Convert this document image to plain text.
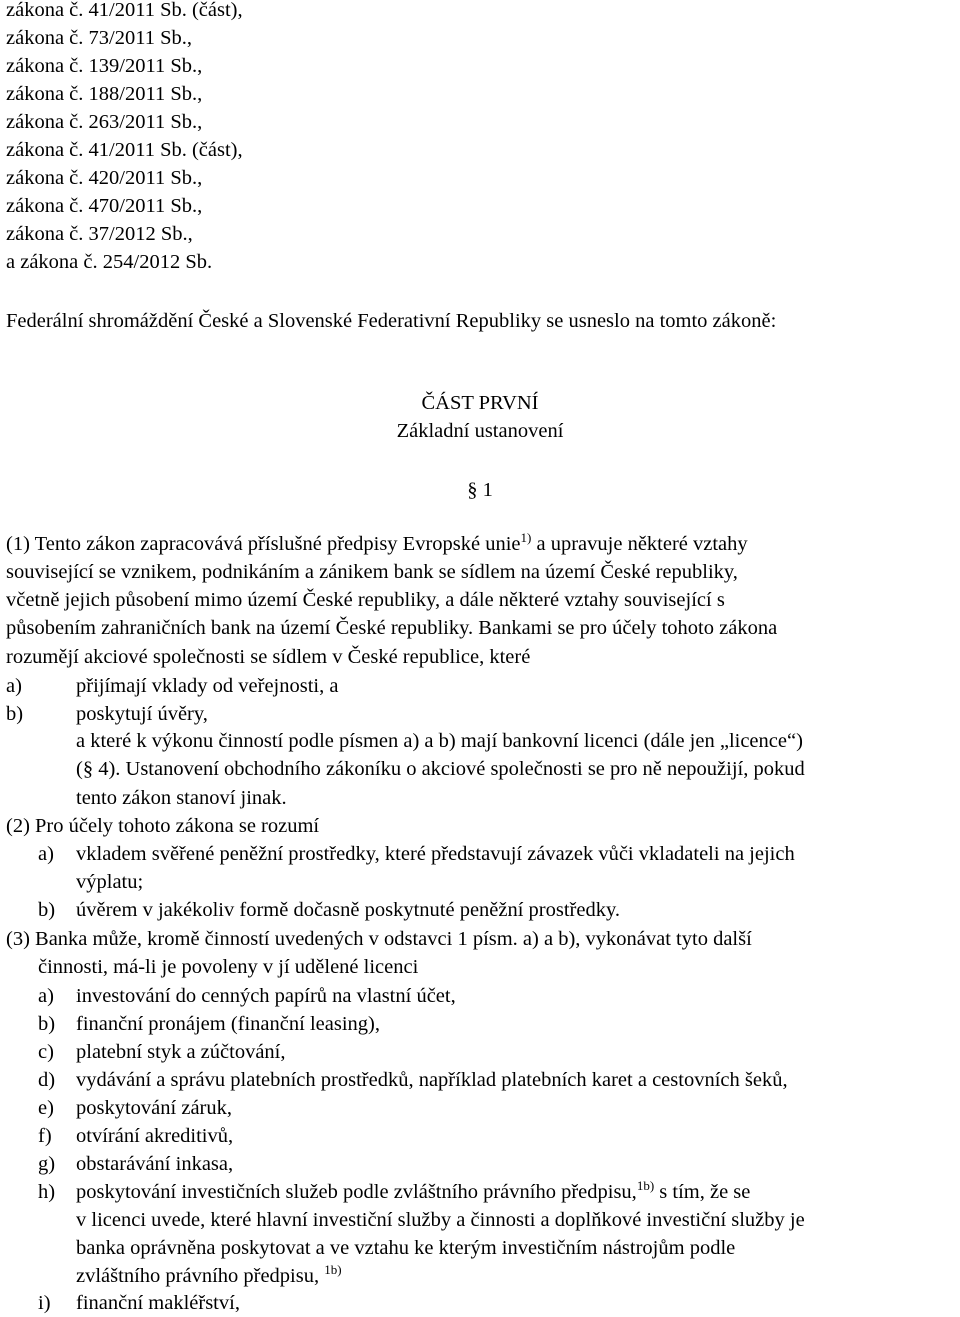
zákona č. 41/2011 Sb. (část),
zákona č. 73/2011 Sb.,
zákona č. 139/2011 Sb.,
zákona č. 188/2011 Sb.,
zákona č. 263/2011 Sb.,
zákona č. 41/2011 Sb. (část),
zákona č. 420/2011 Sb.,
zákona č. 470/2011 Sb.,
zákona č. 37/2012 Sb.,
a zákona č. 254/2012 Sb.
Federální shromáždění České a Slovenské Federativní Republiky se usneslo na tomto zákoně:
ČÁST PRVNÍ
Základní ustanovení
§ 1
(1) Tento zákon zapracovává příslušné předpisy Evropské unie$^{1)}$ a upravuje některé vztahy
související se vznikem, podnikáním a zánikem bank se sídlem na území České republiky,
včetně jejich působení mimo území České republiky, a dále některé vztahy související s
působením zahraničních bank na území České republiky. Bankami se pro účely tohoto zákona
rozumějí akciové společnosti se sídlem v České republice, které
a)	přijímají vklady od veřejnosti, a
b)	poskytují úvěry,
a které k výkonu činností podle písmen a) a b) mají bankovní licenci (dále jen „licence“)
(§ 4). Ustanovení obchodního zákoníku o akciové společnosti se pro ně nepoužijí, pokud
tento zákon stanoví jinak.
(2) Pro účely tohoto zákona se rozumí
a) vkladem svěřené peněžní prostředky, které představují závazek vůči vkladateli na jejich
výplatu;
b) úvěrem v jakékoliv formě dočasně poskytnuté peněžní prostředky.
(3) Banka může, kromě činností uvedených v odstavci 1 písm. a) a b), vykonávat tyto další
činnosti, má-li je povoleny v jí udělené licenci
a) investování do cenných papírů na vlastní účet,
b) finanční pronájem (finanční leasing),
c) platební styk a zúčtování,
d) vydávání a správu platebních prostředků, například platebních karet a cestovních šeků,
e) poskytování záruk,
f) otvírání akreditivů,
g) obstarávání inkasa,
h) poskytování investičních služeb podle zvláštního právního předpisu,$^{1b)}$ s tím, že se
v licenci uvede, které hlavní investiční služby a činnosti a doplňkové investiční služby je
banka oprávněna poskytovat a ve vztahu ke kterým investičním nástrojům podle
zvláštního právního předpisu, $^{1b)}$
i) finanční makléřství,
